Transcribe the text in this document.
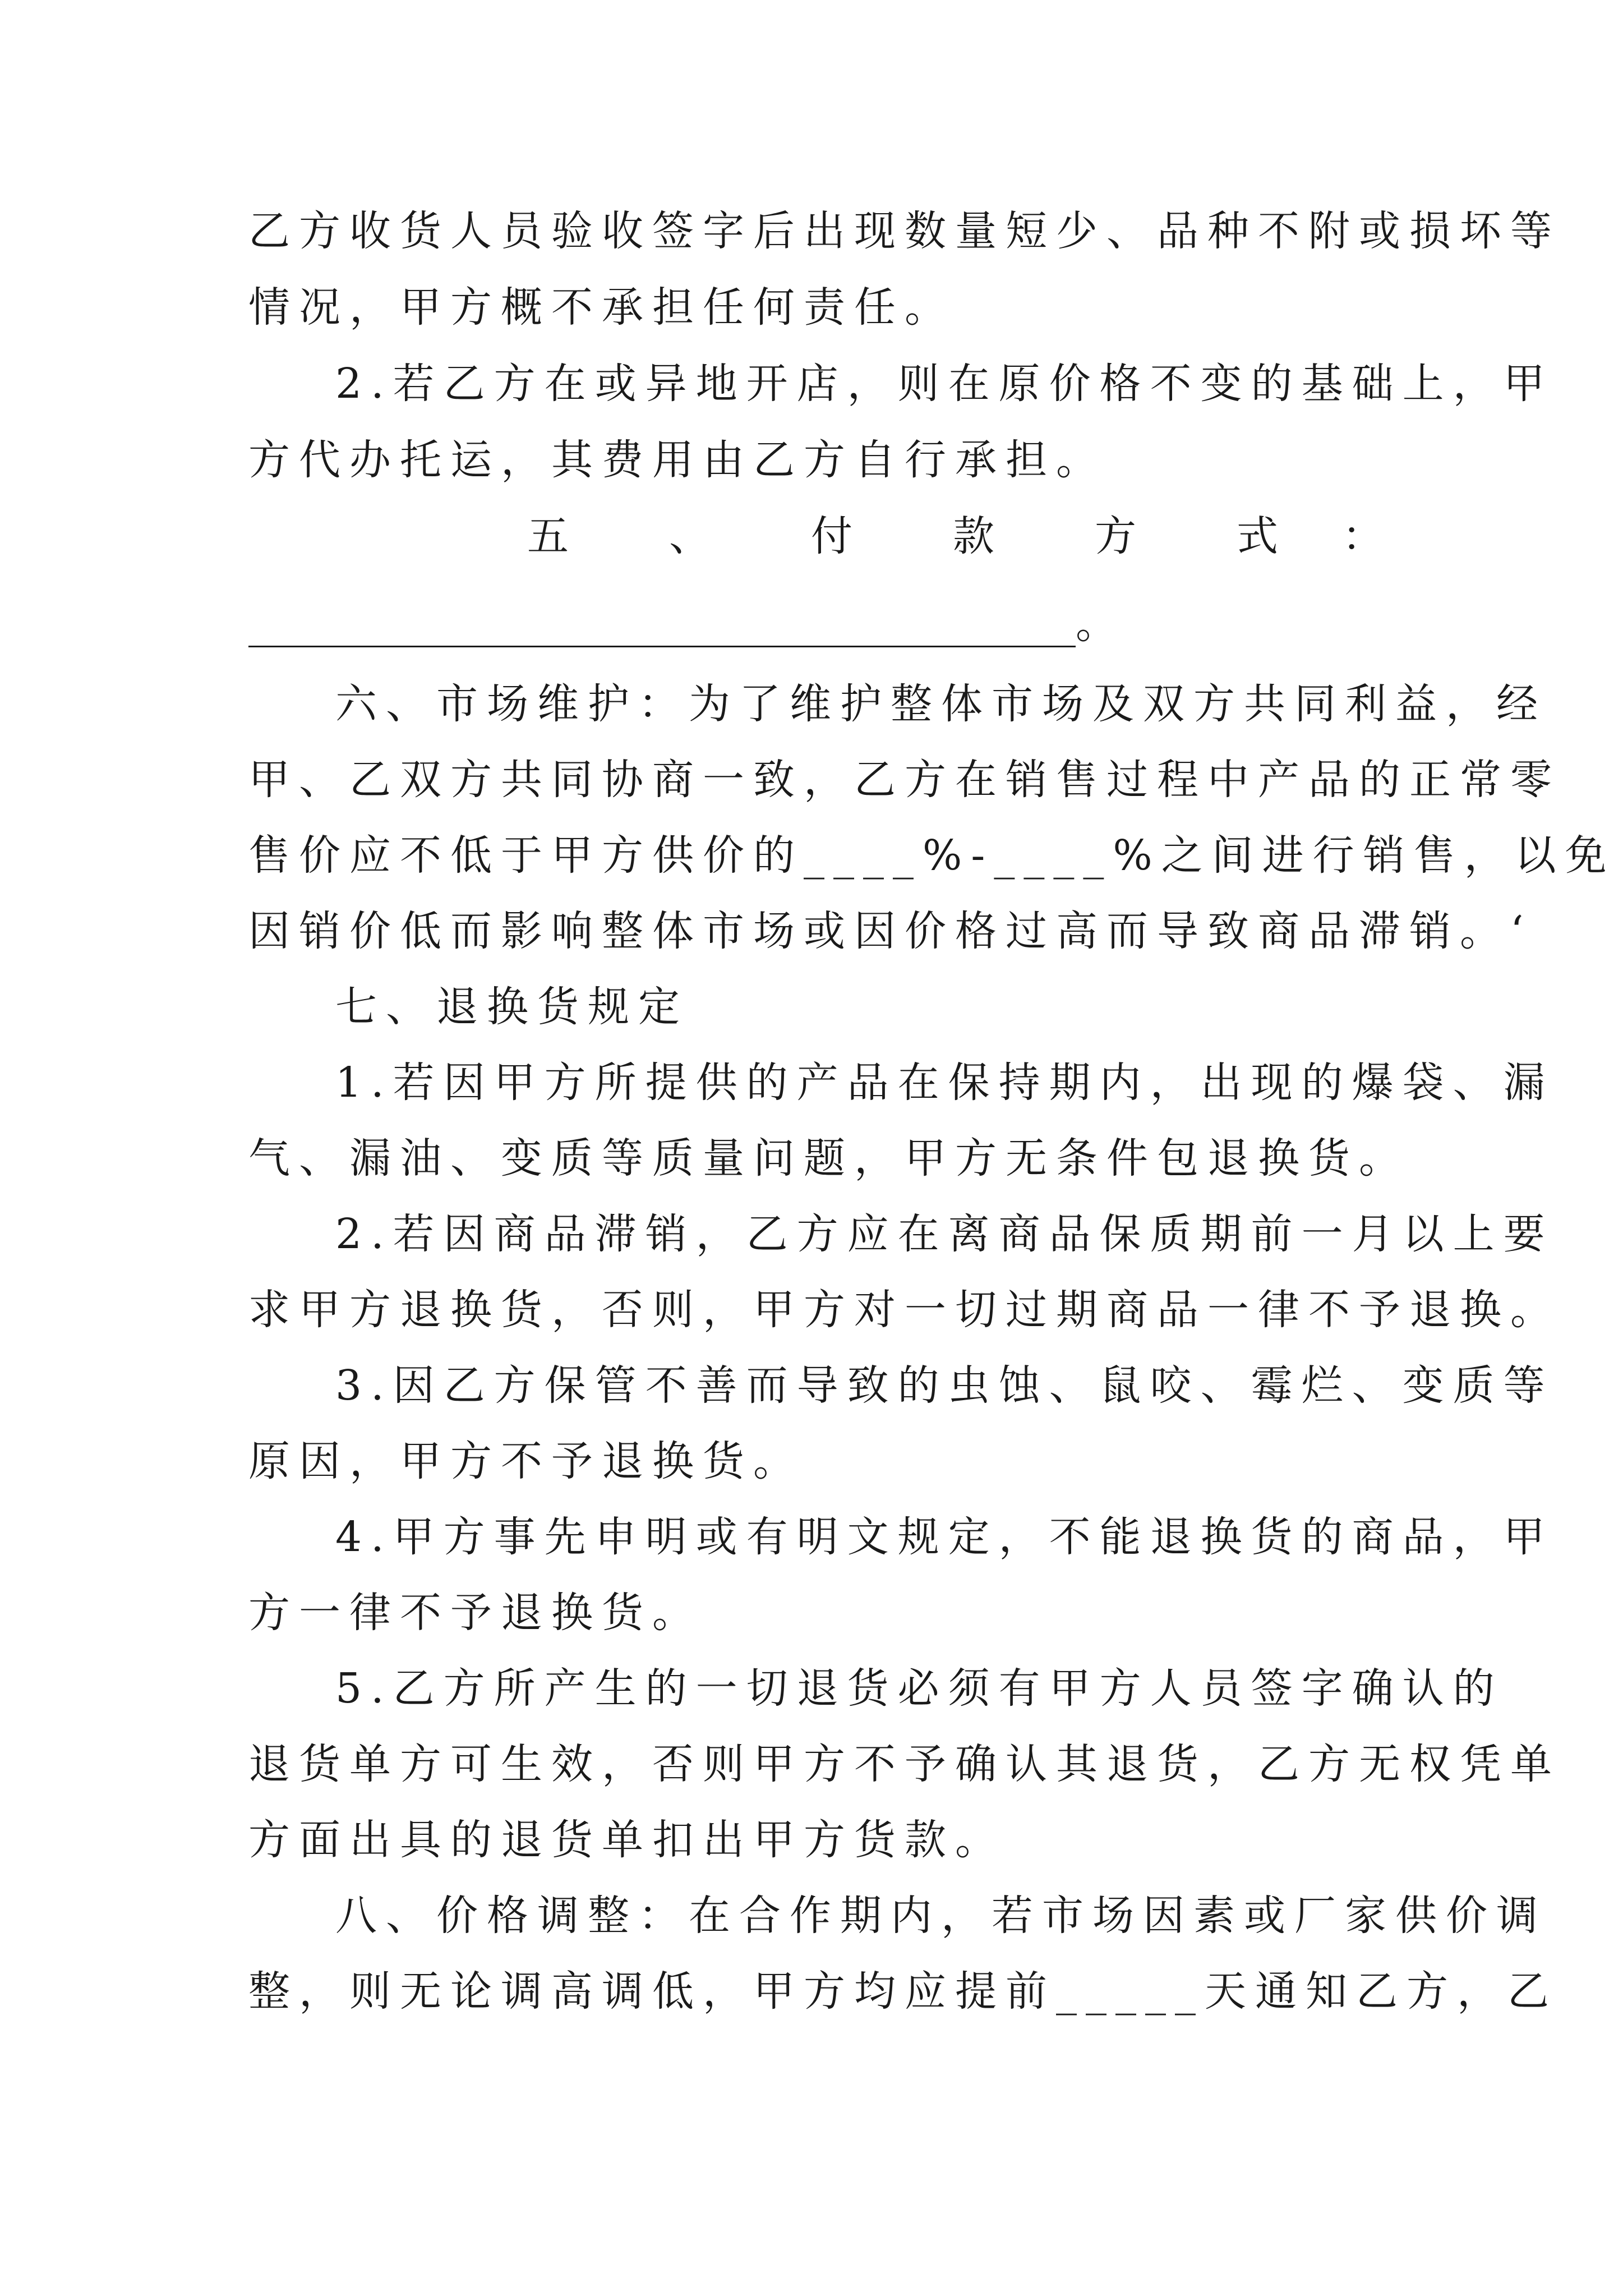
乙方收货人员验收签字后出现数量短少、品种不附或损坏等
情况，甲方概不承担任何责任。
2.若乙方在或异地开店，则在原价格不变的基础上，甲
方代办托运，其费用由乙方自行承担。
五 、 付 款 方 式 ：
。
六、市场维护：为了维护整体市场及双方共同利益，经
甲、乙双方共同协商一致，乙方在销售过程中产品的正常零
售价应不低于甲方供价的____%-____%之间进行销售，以免
因销价低而影响整体市场或因价格过高而导致商品滞销。‘
七、退换货规定
1.若因甲方所提供的产品在保持期内，出现的爆袋、漏
气、漏油、变质等质量问题，甲方无条件包退换货。
2.若因商品滞销，乙方应在离商品保质期前一月以上要
求甲方退换货，否则，甲方对一切过期商品一律不予退换。
3.因乙方保管不善而导致的虫蚀、鼠咬、霉烂、变质等
原因，甲方不予退换货。
4.甲方事先申明或有明文规定，不能退换货的商品，甲
方一律不予退换货。
5.乙方所产生的一切退货必须有甲方人员签字确认的
退货单方可生效，否则甲方不予确认其退货，乙方无权凭单
方面出具的退货单扣出甲方货款。
八、价格调整：在合作期内，若市场因素或厂家供价调
整，则无论调高调低，甲方均应提前_____天通知乙方，乙
